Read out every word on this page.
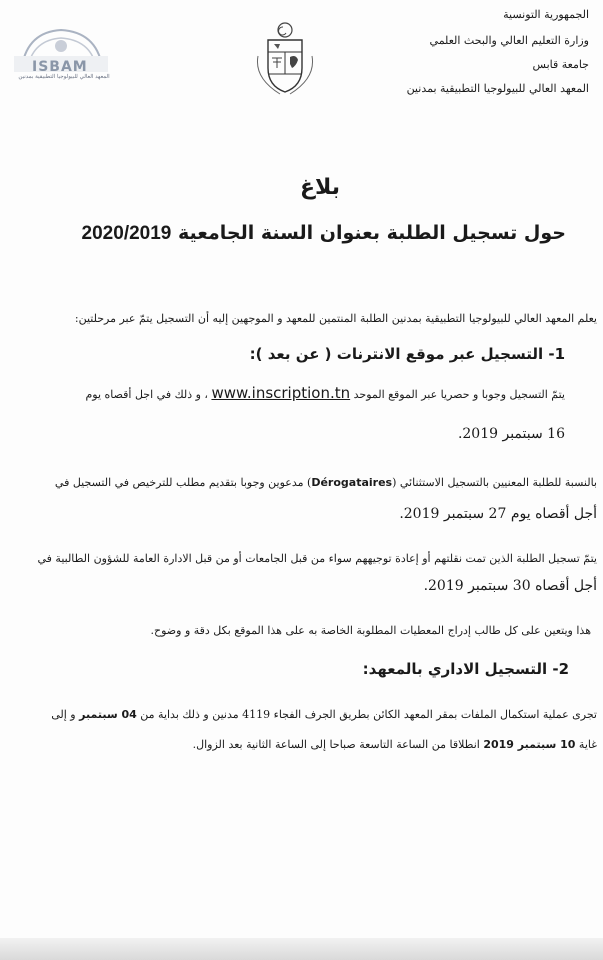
الجمهورية التونسية
وزارة التعليم العالي والبحث العلمي
جامعة قابس
المعهد العالي للبيولوجيا التطبيقية بمدنين
ISBAM
المعهد العالي للبيولوجيا التطبيقية بمدنين
بلاغ
حول تسجيل الطلبة بعنوان السنة الجامعية 2020/2019
يعلم المعهد العالي للبيولوجيا التطبيقية بمدنين الطلبة المنتمين للمعهد و الموجهين إليه أن التسجيل يتمّ عبر مرحلتين:
1- التسجيل عبر موقع الانترنات ( عن بعد ):
يتمّ التسجيل وجوبا و حصريا عبر الموقع الموحد www.inscription.tn ، و ذلك في اجل أقصاه يوم
16 سبتمبر 2019.
بالنسبة للطلبة المعنيين بالتسجيل الاستثنائي (Dérogataires) مدعوين وجوبا بتقديم مطلب للترخيص في التسجيل في
أجل أقصاه يوم 27 سبتمبر 2019.
يتمّ تسجيل الطلبة الذين تمت نقلتهم أو إعادة توجيههم سواء من قبل الجامعات أو من قبل الادارة العامة للشؤون الطالبية في
أجل أقصاه 30 سبتمبر 2019.
هذا ويتعين على كل طالب إدراج المعطيات المطلوبة الخاصة به على هذا الموقع بكل دقة و وضوح.
2- التسجيل الاداري بالمعهد:
تجرى عملية استكمال الملفات بمقر المعهد الكائن بطريق الجرف الفجاء 4119 مدنين و ذلك بداية من 04 سبتمبر و إلى
غاية 10 سبتمبر 2019 انطلاقا من الساعة التاسعة صباحا إلى الساعة الثانية بعد الزوال.
